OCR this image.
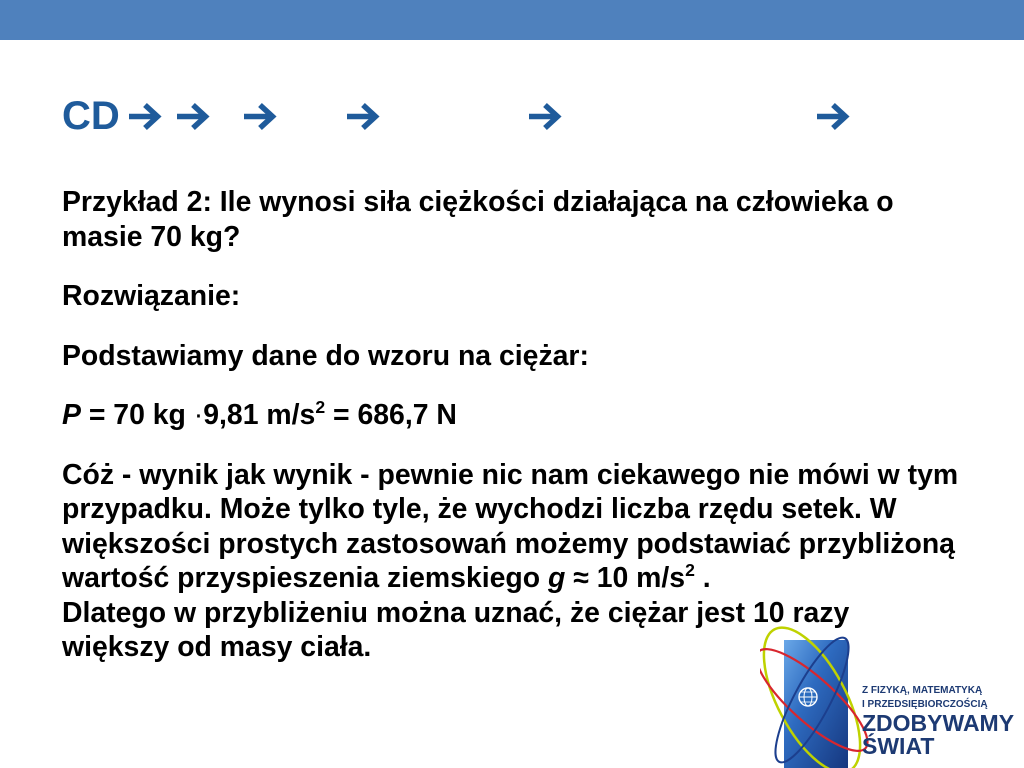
CD
Z FIZYKĄ, MATEMATYKĄ
I PRZEDSIĘBIORCZOŚCIĄ
ZDOBYWAMY
ŚWIAT
Przykład 2: Ile wynosi siła ciężkości działająca na człowieka o
masie 70 kg?
Rozwiązanie:
Podstawiamy dane do wzoru na ciężar:
P = 70 kg ·9,81 $m/s^2 = 686,7$ N
Cóż - wynik jak wynik - pewnie nic nam ciekawego nie mówi w tym
przypadku. Może tylko tyle, że wychodzi liczba rzędu setek. W
większości prostych zastosowań możemy podstawiać przybliżoną
wartość przyspieszenia ziemskiego g ≈ 10 $m/s^2$ .
Dlatego w przybliżeniu można uznać, że ciężar jest 10 razy
większy od masy ciała.
